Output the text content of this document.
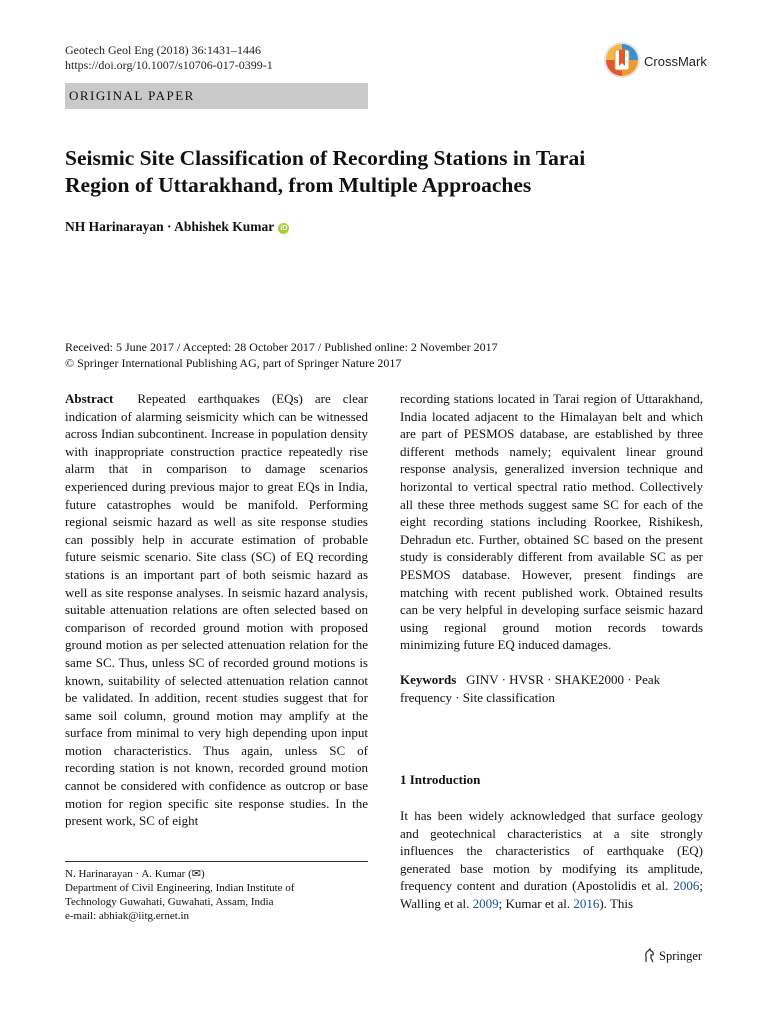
Geotech Geol Eng (2018) 36:1431–1446
https://doi.org/10.1007/s10706-017-0399-1	CrossMark
ORIGINAL PAPER
Seismic Site Classification of Recording Stations in Tarai
Region of Uttarakhand, from Multiple Approaches
NH Harinarayan · Abhishek Kumar iD
Received: 5 June 2017 / Accepted: 28 October 2017 / Published online: 2 November 2017
© Springer International Publishing AG, part of Springer Nature 2017

Abstract Repeated earthquakes (EQs) are clear indication of alarming seismicity which can be witnessed across Indian subcontinent. Increase in population density with inappropriate construction practice repeatedly rise alarm that in comparison to damage scenarios experienced during previous major to great EQs in India, future catastrophes would be manifold. Performing regional seismic hazard as well as site response studies can possibly help in accurate estimation of probable future seismic scenario. Site class (SC) of EQ recording stations is an important part of both seismic hazard as well as site response analyses. In seismic hazard analysis, suitable attenuation relations are often selected based on comparison of recorded ground motion with proposed ground motion as per selected attenuation relation for the same SC. Thus, unless SC of recorded ground motions is known, suitability of selected attenuation relation cannot be validated. In addition, recent studies suggest that for same soil column, ground motion may amplify at the surface from minimal to very high depending upon input motion characteristics. Thus again, unless SC of recording station is not known, recorded ground motion cannot be considered with confidence as outcrop or base motion for region specific site response studies. In the present work, SC of eight

recording stations located in Tarai region of Uttarakhand, India located adjacent to the Himalayan belt and which are part of PESMOS database, are established by three different methods namely; equivalent linear ground response analysis, generalized inversion technique and horizontal to vertical spectral ratio method. Collectively all these three methods suggest same SC for each of the eight recording stations including Roorkee, Rishikesh, Dehradun etc. Further, obtained SC based on the present study is considerably different from available SC as per PESMOS database. However, present findings are matching with recent published work. Obtained results can be very helpful in developing surface seismic hazard using regional ground motion records towards minimizing future EQ induced damages.

Keywords GINV · HVSR · SHAKE2000 · Peak frequency · Site classification

1 Introduction
It has been widely acknowledged that surface geology and geotechnical characteristics at a site strongly influences the characteristics of earthquake (EQ) generated base motion by modifying its amplitude, frequency content and duration (Apostolidis et al. 2006; Walling et al. 2009; Kumar et al. 2016). This
N. Harinarayan · A. Kumar (✉)
Department of Civil Engineering, Indian Institute of
Technology Guwahati, Guwahati, Assam, India
e-mail: abhiak@iitg.ernet.in
Springer
